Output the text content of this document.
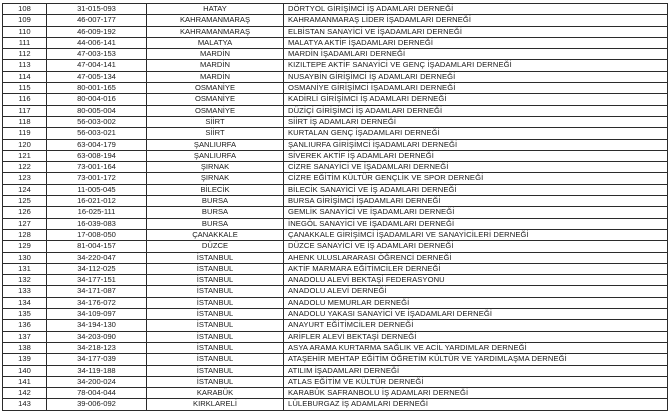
108	31-015-093	HATAY	DÖRTYOL GİRİŞİMCİ İŞ ADAMLARI DERNEĞİ
109	46-007-177	KAHRAMANMARAŞ	KAHRAMANMARAŞ LİDER İŞADAMLARI DERNEĞİ
110	46-009-192	KAHRAMANMARAŞ	ELBİSTAN SANAYİCİ VE İŞADAMLARI DERNEĞİ
111	44-006-141	MALATYA	MALATYA AKTİF İŞADAMLARI DERNEĞİ
112	47-003-153	MARDİN	MARDİN İŞADAMLARI DERNEĞİ
113	47-004-141	MARDİN	KIZILTEPE AKTİF SANAYİCİ VE GENÇ İŞADAMLARI DERNEĞİ
114	47-005-134	MARDİN	NUSAYBİN GİRİŞİMCİ İŞ ADAMLARI DERNEĞİ
115	80-001-165	OSMANİYE	OSMANİYE GİRİŞİMCİ İŞADAMLARI DERNEĞİ
116	80-004-016	OSMANİYE	KADİRLİ GİRİŞİMCİ İŞ ADAMLARI DERNEĞİ
117	80-005-004	OSMANİYE	DÜZİÇİ GİRİŞİMCİ İŞ ADAMLARI DERNEĞİ
118	56-003-002	SİİRT	SİİRT İŞ ADAMLARI DERNEĞİ
119	56-003-021	SİİRT	KURTALAN GENÇ İŞADAMLARI DERNEĞİ
120	63-004-179	ŞANLIURFA	ŞANLIURFA GİRİŞİMCİ İŞADAMLARI DERNEĞİ
121	63-008-194	ŞANLIURFA	SİVEREK AKTİF İŞ ADAMLARI DERNEĞİ
122	73-001-164	ŞIRNAK	CİZRE SANAYİCİ VE İŞADAMLARI DERNEĞİ
123	73-001-172	ŞIRNAK	CİZRE EĞİTİM KÜLTÜR GENÇLİK VE SPOR DERNEĞİ
124	11-005-045	BİLECİK	BİLECİK SANAYİCİ VE İŞ ADAMLARI DERNEĞİ
125	16-021-012	BURSA	BURSA GİRİŞİMCİ İŞADAMLARI DERNEĞİ
126	16-025-111	BURSA	GEMLİK SANAYİCİ VE İŞADAMLARI DERNEĞİ
127	16-039-083	BURSA	İNEGÖL SANAYİCİ VE İŞADAMLARI DERNEĞİ
128	17-008-050	ÇANAKKALE	ÇANAKKALE GİRİŞİMCİ İŞADAMLARI VE SANAYİCİLERİ DERNEĞİ
129	81-004-157	DÜZCE	DÜZCE SANAYİCİ VE İŞ ADAMLARI DERNEĞİ
130	34-220-047	İSTANBUL	AHENK ULUSLARARASI ÖĞRENCİ DERNEĞİ
131	34-112-025	İSTANBUL	AKTİF MARMARA EĞİTİMCİLER DERNEĞİ
132	34-177-151	İSTANBUL	ANADOLU ALEVİ BEKTAŞİ FEDERASYONU
133	34-171-087	İSTANBUL	ANADOLU ALEVİ DERNEĞİ
134	34-176-072	İSTANBUL	ANADOLU MEMURLAR DERNEĞİ
135	34-109-097	İSTANBUL	ANADOLU YAKASI SANAYİCİ VE İŞADAMLARI DERNEĞİ
136	34-194-130	İSTANBUL	ANAYURT EĞİTİMCİLER DERNEĞİ
137	34-203-090	İSTANBUL	ARİFLER ALEVİ BEKTAŞİ DERNEĞİ
138	34-218-123	İSTANBUL	ASYA ARAMA KURTARMA SAĞLIK VE ACİL YARDIMLAR DERNEĞİ
139	34-177-039	İSTANBUL	ATAŞEHİR MEHTAP EĞİTİM ÖĞRETİM KÜLTÜR VE YARDIMLAŞMA DERNEĞİ
140	34-119-188	İSTANBUL	ATILIM İŞADAMLARI DERNEĞİ
141	34-200-024	İSTANBUL	ATLAS EĞİTİM VE KÜLTÜR DERNEĞİ
142	78-004-044	KARABÜK	KARABÜK SAFRANBOLU İŞ ADAMLARI DERNEĞİ
143	39-006-092	KIRKLARELİ	LÜLEBURGAZ İŞ ADAMLARI DERNEĞİ
